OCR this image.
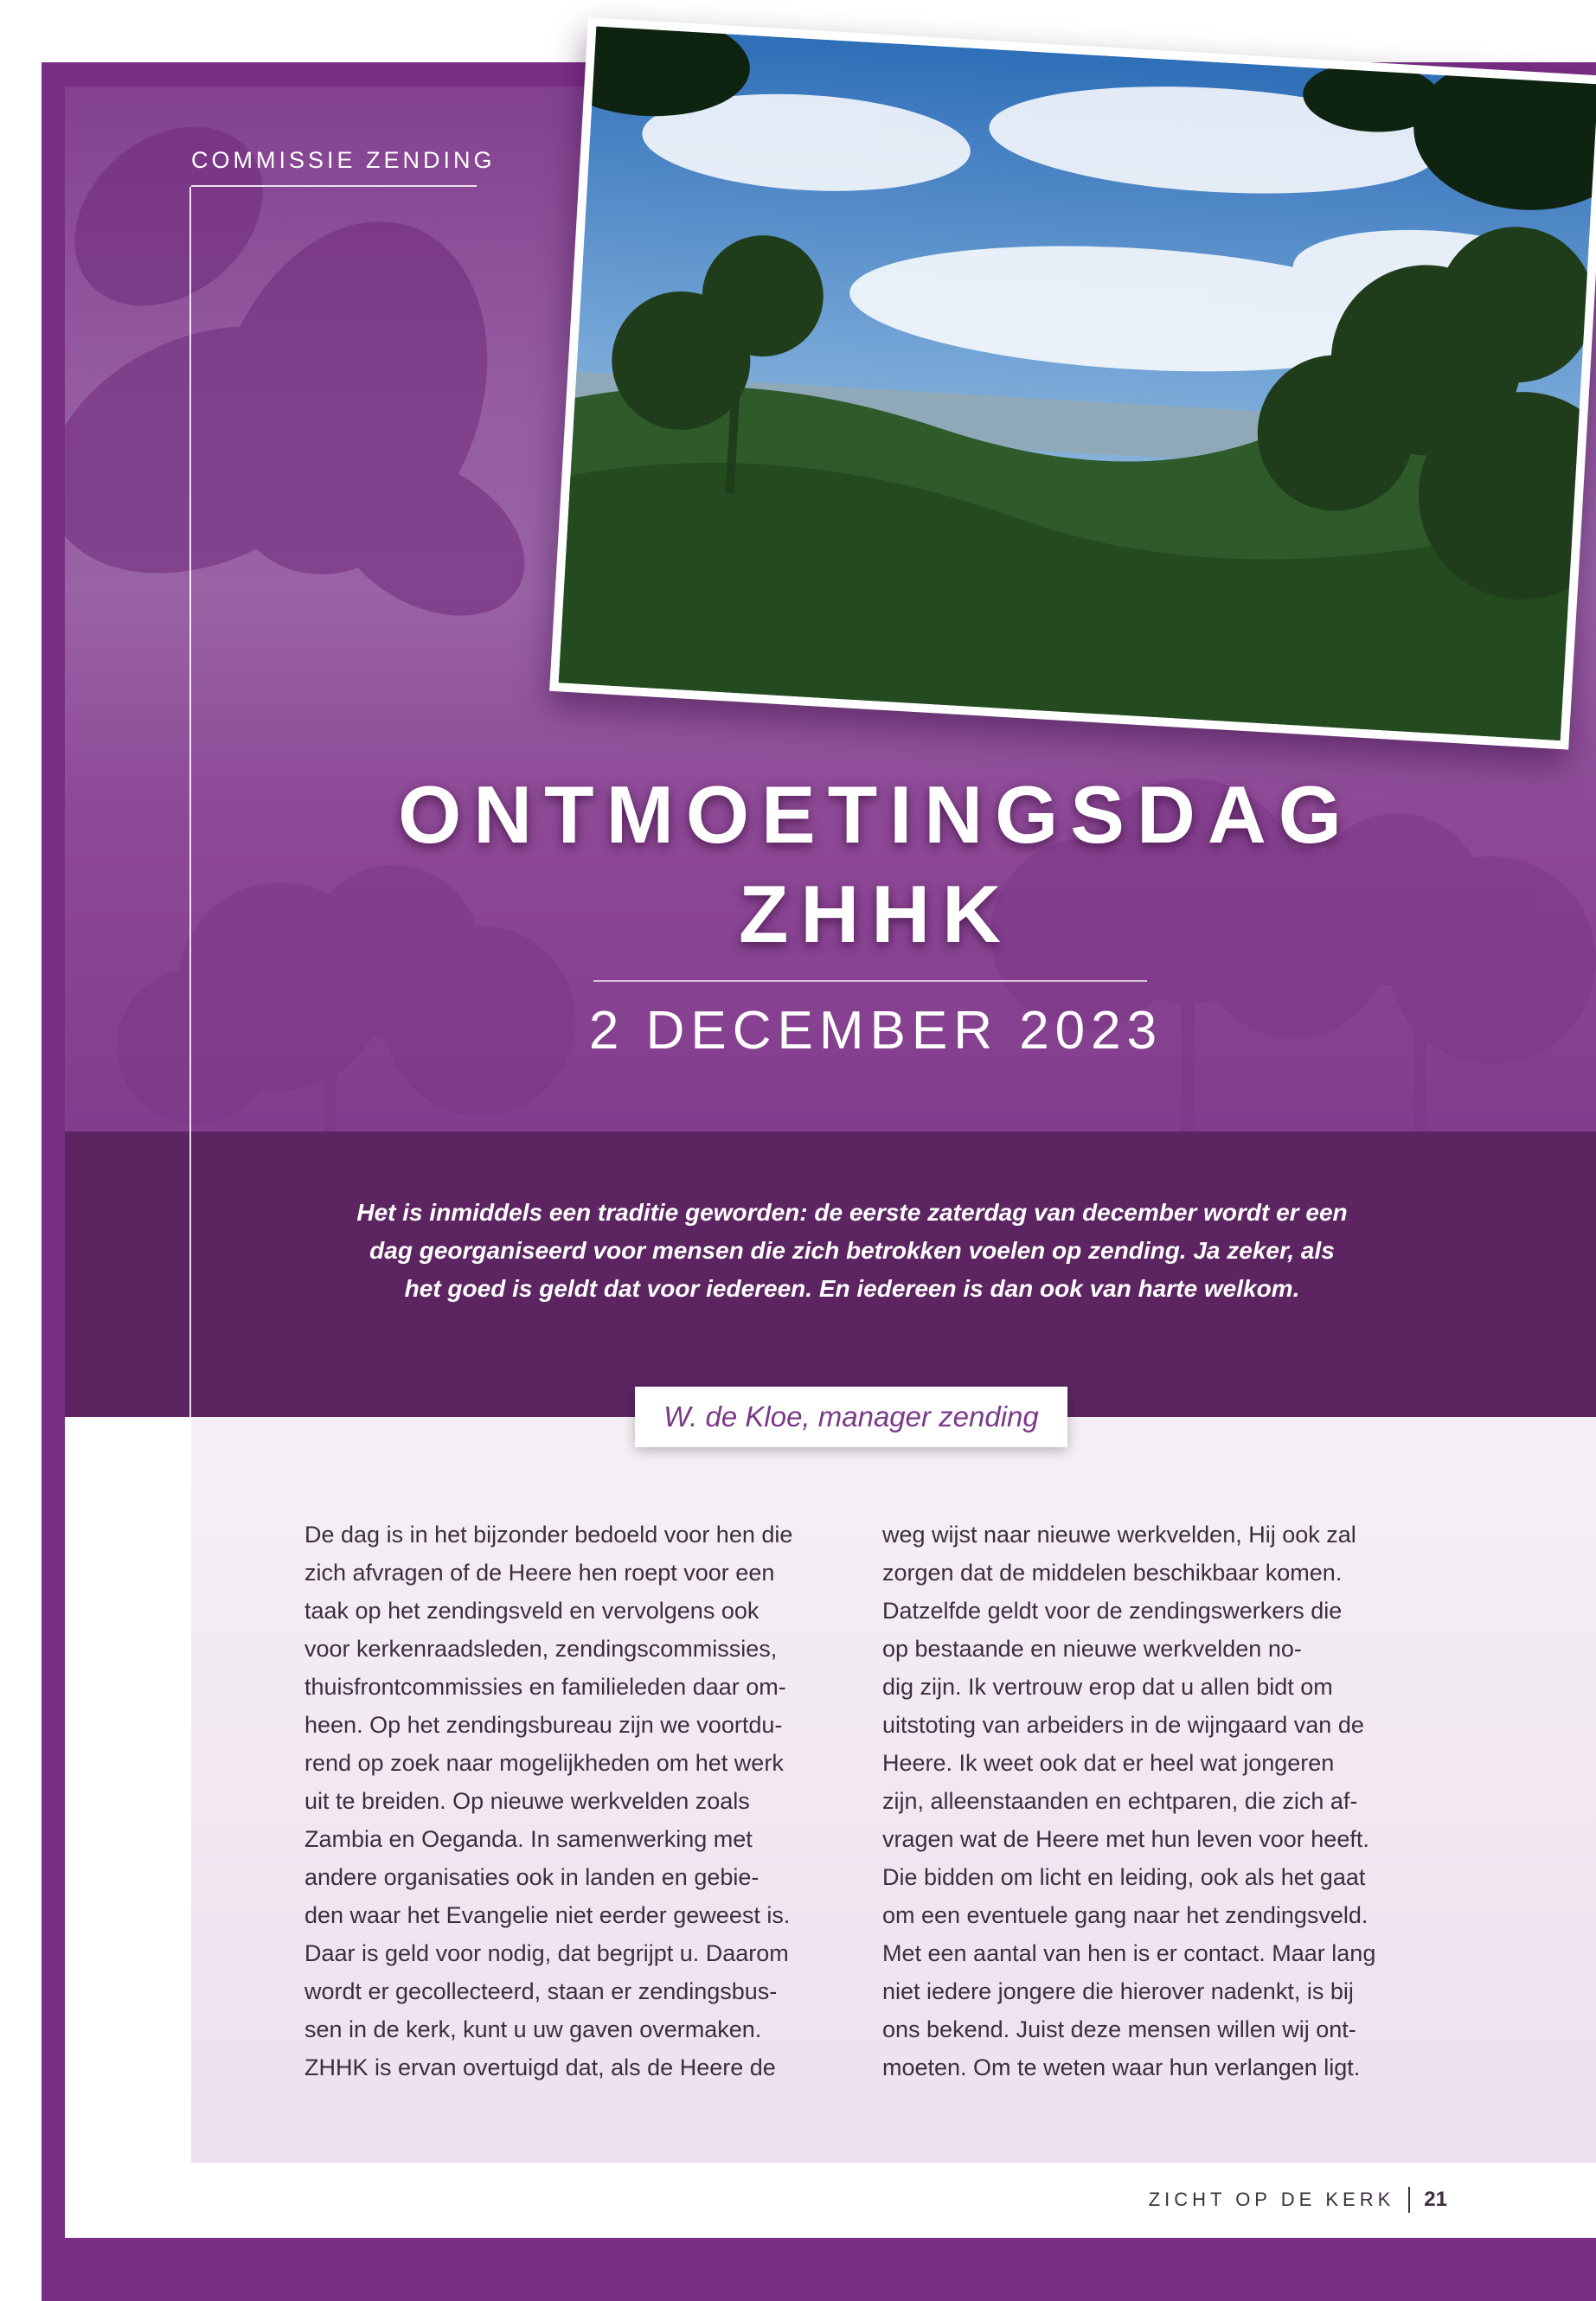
COMMISSIE ZENDING
ONTMOETINGSDAG
ZHHK
2 DECEMBER 2023
Het is inmiddels een traditie geworden: de eerste zaterdag van december wordt er een dag georganiseerd voor mensen die zich betrokken voelen op zending. Ja zeker, als het goed is geldt dat voor iedereen. En iedereen is dan ook van harte welkom.
W. de Kloe, manager zending

De dag is in het bijzonder bedoeld voor hen die
zich afvragen of de Heere hen roept voor een
taak op het zendingsveld en vervolgens ook
voor kerkenraadsleden, zendingscommissies,
thuisfrontcommissies en familieleden daar om-
heen. Op het zendingsbureau zijn we voortdu-
rend op zoek naar mogelijkheden om het werk
uit te breiden. Op nieuwe werkvelden zoals
Zambia en Oeganda. In samenwerking met
andere organisaties ook in landen en gebie-
den waar het Evangelie niet eerder geweest is.
Daar is geld voor nodig, dat begrijpt u. Daarom
wordt er gecollecteerd, staan er zendingsbus-
sen in de kerk, kunt u uw gaven overmaken.
ZHHK is ervan overtuigd dat, als de Heere de

weg wijst naar nieuwe werkvelden, Hij ook zal
zorgen dat de middelen beschikbaar komen.
Datzelfde geldt voor de zendingswerkers die
op bestaande en nieuwe werkvelden no-
dig zijn. Ik vertrouw erop dat u allen bidt om
uitstoting van arbeiders in de wijngaard van de
Heere. Ik weet ook dat er heel wat jongeren
zijn, alleenstaanden en echtparen, die zich af-
vragen wat de Heere met hun leven voor heeft.
Die bidden om licht en leiding, ook als het gaat
om een eventuele gang naar het zendingsveld.
Met een aantal van hen is er contact. Maar lang
niet iedere jongere die hierover nadenkt, is bij
ons bekend. Juist deze mensen willen wij ont-
moeten. Om te weten waar hun verlangen ligt.

ZICHT OP DE KERK 21
